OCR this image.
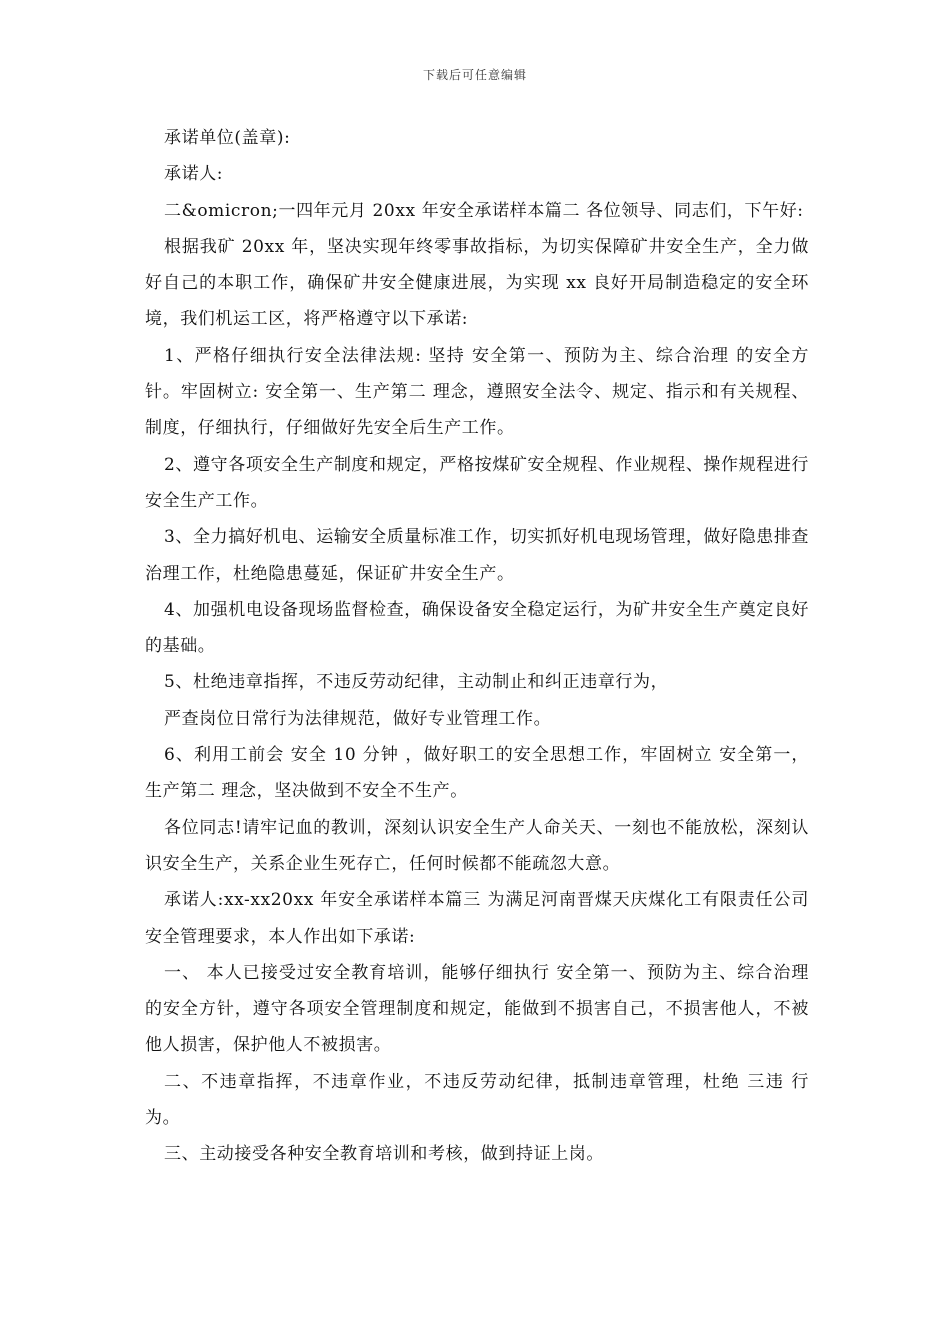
下载后可任意编辑

承诺单位(盖章):

承诺人:

二&omicron;一四年元月 20xx 年安全承诺样本篇二 各位领导、同志们，下午好:

根据我矿 20xx 年，坚决实现年终零事故指标，为切实保障矿井安全生产，全力做好自己的本职工作，确保矿井安全健康进展，为实现 xx 良好开局制造稳定的安全环境，我们机运工区，将严格遵守以下承诺:

1、严格仔细执行安全法律法规: 坚持 安全第一、预防为主、综合治理 的安全方针。牢固树立: 安全第一、生产第二 理念，遵照安全法令、规定、指示和有关规程、制度，仔细执行，仔细做好先安全后生产工作。

2、遵守各项安全生产制度和规定，严格按煤矿安全规程、作业规程、操作规程进行安全生产工作。

3、全力搞好机电、运输安全质量标准工作，切实抓好机电现场管理，做好隐患排查治理工作，杜绝隐患蔓延，保证矿井安全生产。

4、加强机电设备现场监督检查，确保设备安全稳定运行，为矿井安全生产奠定良好的基础。

5、杜绝违章指挥，不违反劳动纪律，主动制止和纠正违章行为，

严查岗位日常行为法律规范，做好专业管理工作。

6、利用工前会 安全 10 分钟 ，做好职工的安全思想工作，牢固树立 安全第一，生产第二 理念，坚决做到不安全不生产。

各位同志!请牢记血的教训，深刻认识安全生产人命关天、一刻也不能放松，深刻认识安全生产，关系企业生死存亡，任何时候都不能疏忽大意。

承诺人:xx-xx20xx 年安全承诺样本篇三 为满足河南晋煤天庆煤化工有限责任公司安全管理要求，本人作出如下承诺:

一、 本人已接受过安全教育培训，能够仔细执行 安全第一、预防为主、综合治理 的安全方针，遵守各项安全管理制度和规定，能做到不损害自己，不损害他人，不被他人损害，保护他人不被损害。

二、不违章指挥，不违章作业，不违反劳动纪律，抵制违章管理，杜绝 三违 行为。

三、主动接受各种安全教育培训和考核，做到持证上岗。
